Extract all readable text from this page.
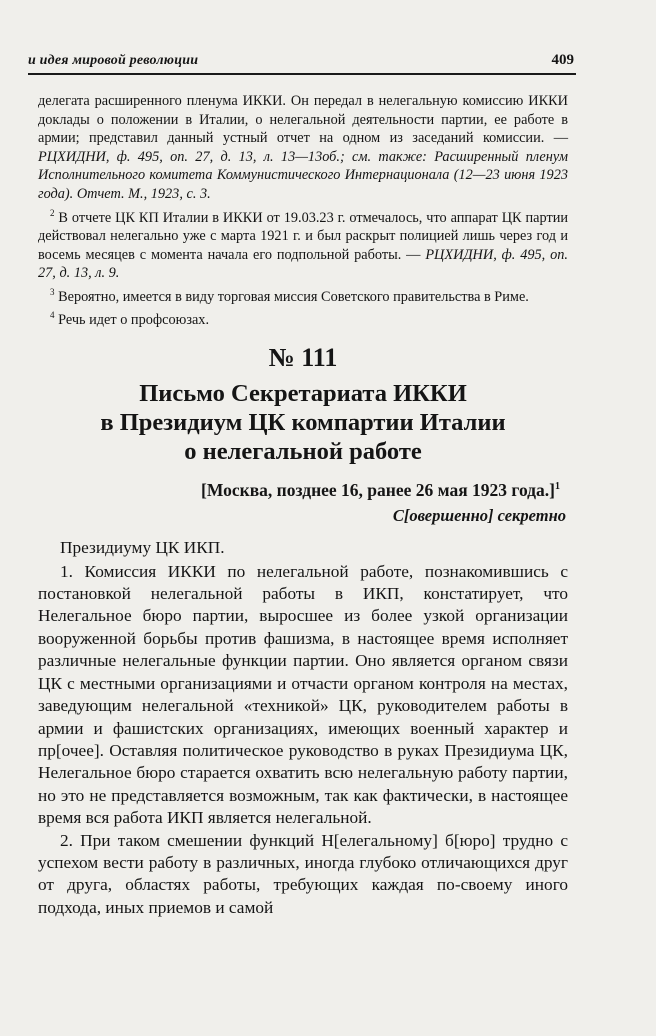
и идея мировой революции	409

делегата расширенного пленума ИККИ. Он передал в нелегальную комиссию ИККИ доклады о положении в Италии, о нелегальной деятельности партии, ее работе в армии; представил данный устный отчет на одном из заседаний комиссии. — РЦХИДНИ, ф. 495, оп. 27, д. 13, л. 13—13об.; см. также: Расширенный пленум Исполнительного комитета Коммунистического Интернационала (12—23 июня 1923 года). Отчет. М., 1923, с. 3.

$^2$ В отчете ЦК КП Италии в ИККИ от 19.03.23 г. отмечалось, что аппарат ЦК партии действовал нелегально уже с марта 1921 г. и был раскрыт полицией лишь через год и восемь месяцев с момента начала его подпольной работы. — РЦХИДНИ, ф. 495, оп. 27, д. 13, л. 9.

$^3$ Вероятно, имеется в виду торговая миссия Советского правительства в Риме.

$^4$ Речь идет о профсоюзах.

№ 111
Письмо Секретариата ИККИ
в Президиум ЦК компартии Италии
о нелегальной работе
[Москва, позднее 16, ранее 26 мая 1923 года.]$^1$
С[овершенно] секретно

Президиуму ЦК ИКП.

1. Комиссия ИККИ по нелегальной работе, познакомившись с постановкой нелегальной работы в ИКП, констатирует, что Нелегальное бюро партии, выросшее из более узкой организации вооруженной борьбы против фашизма, в настоящее время исполняет различные нелегальные функции партии. Оно является органом связи ЦК с местными организациями и отчасти органом контроля на местах, заведующим нелегальной «техникой» ЦК, руководителем работы в армии и фашистских организациях, имеющих военный характер и пр[очее]. Оставляя политическое руководство в руках Президиума ЦК, Нелегальное бюро старается охватить всю нелегальную работу партии, но это не представляется возможным, так как фактически, в настоящее время вся работа ИКП является нелегальной.

2. При таком смешении функций Н[елегальному] б[юро] трудно с успехом вести работу в различных, иногда глубоко отличающихся друг от друга, областях работы, требующих каждая по-своему иного подхода, иных приемов и самой
